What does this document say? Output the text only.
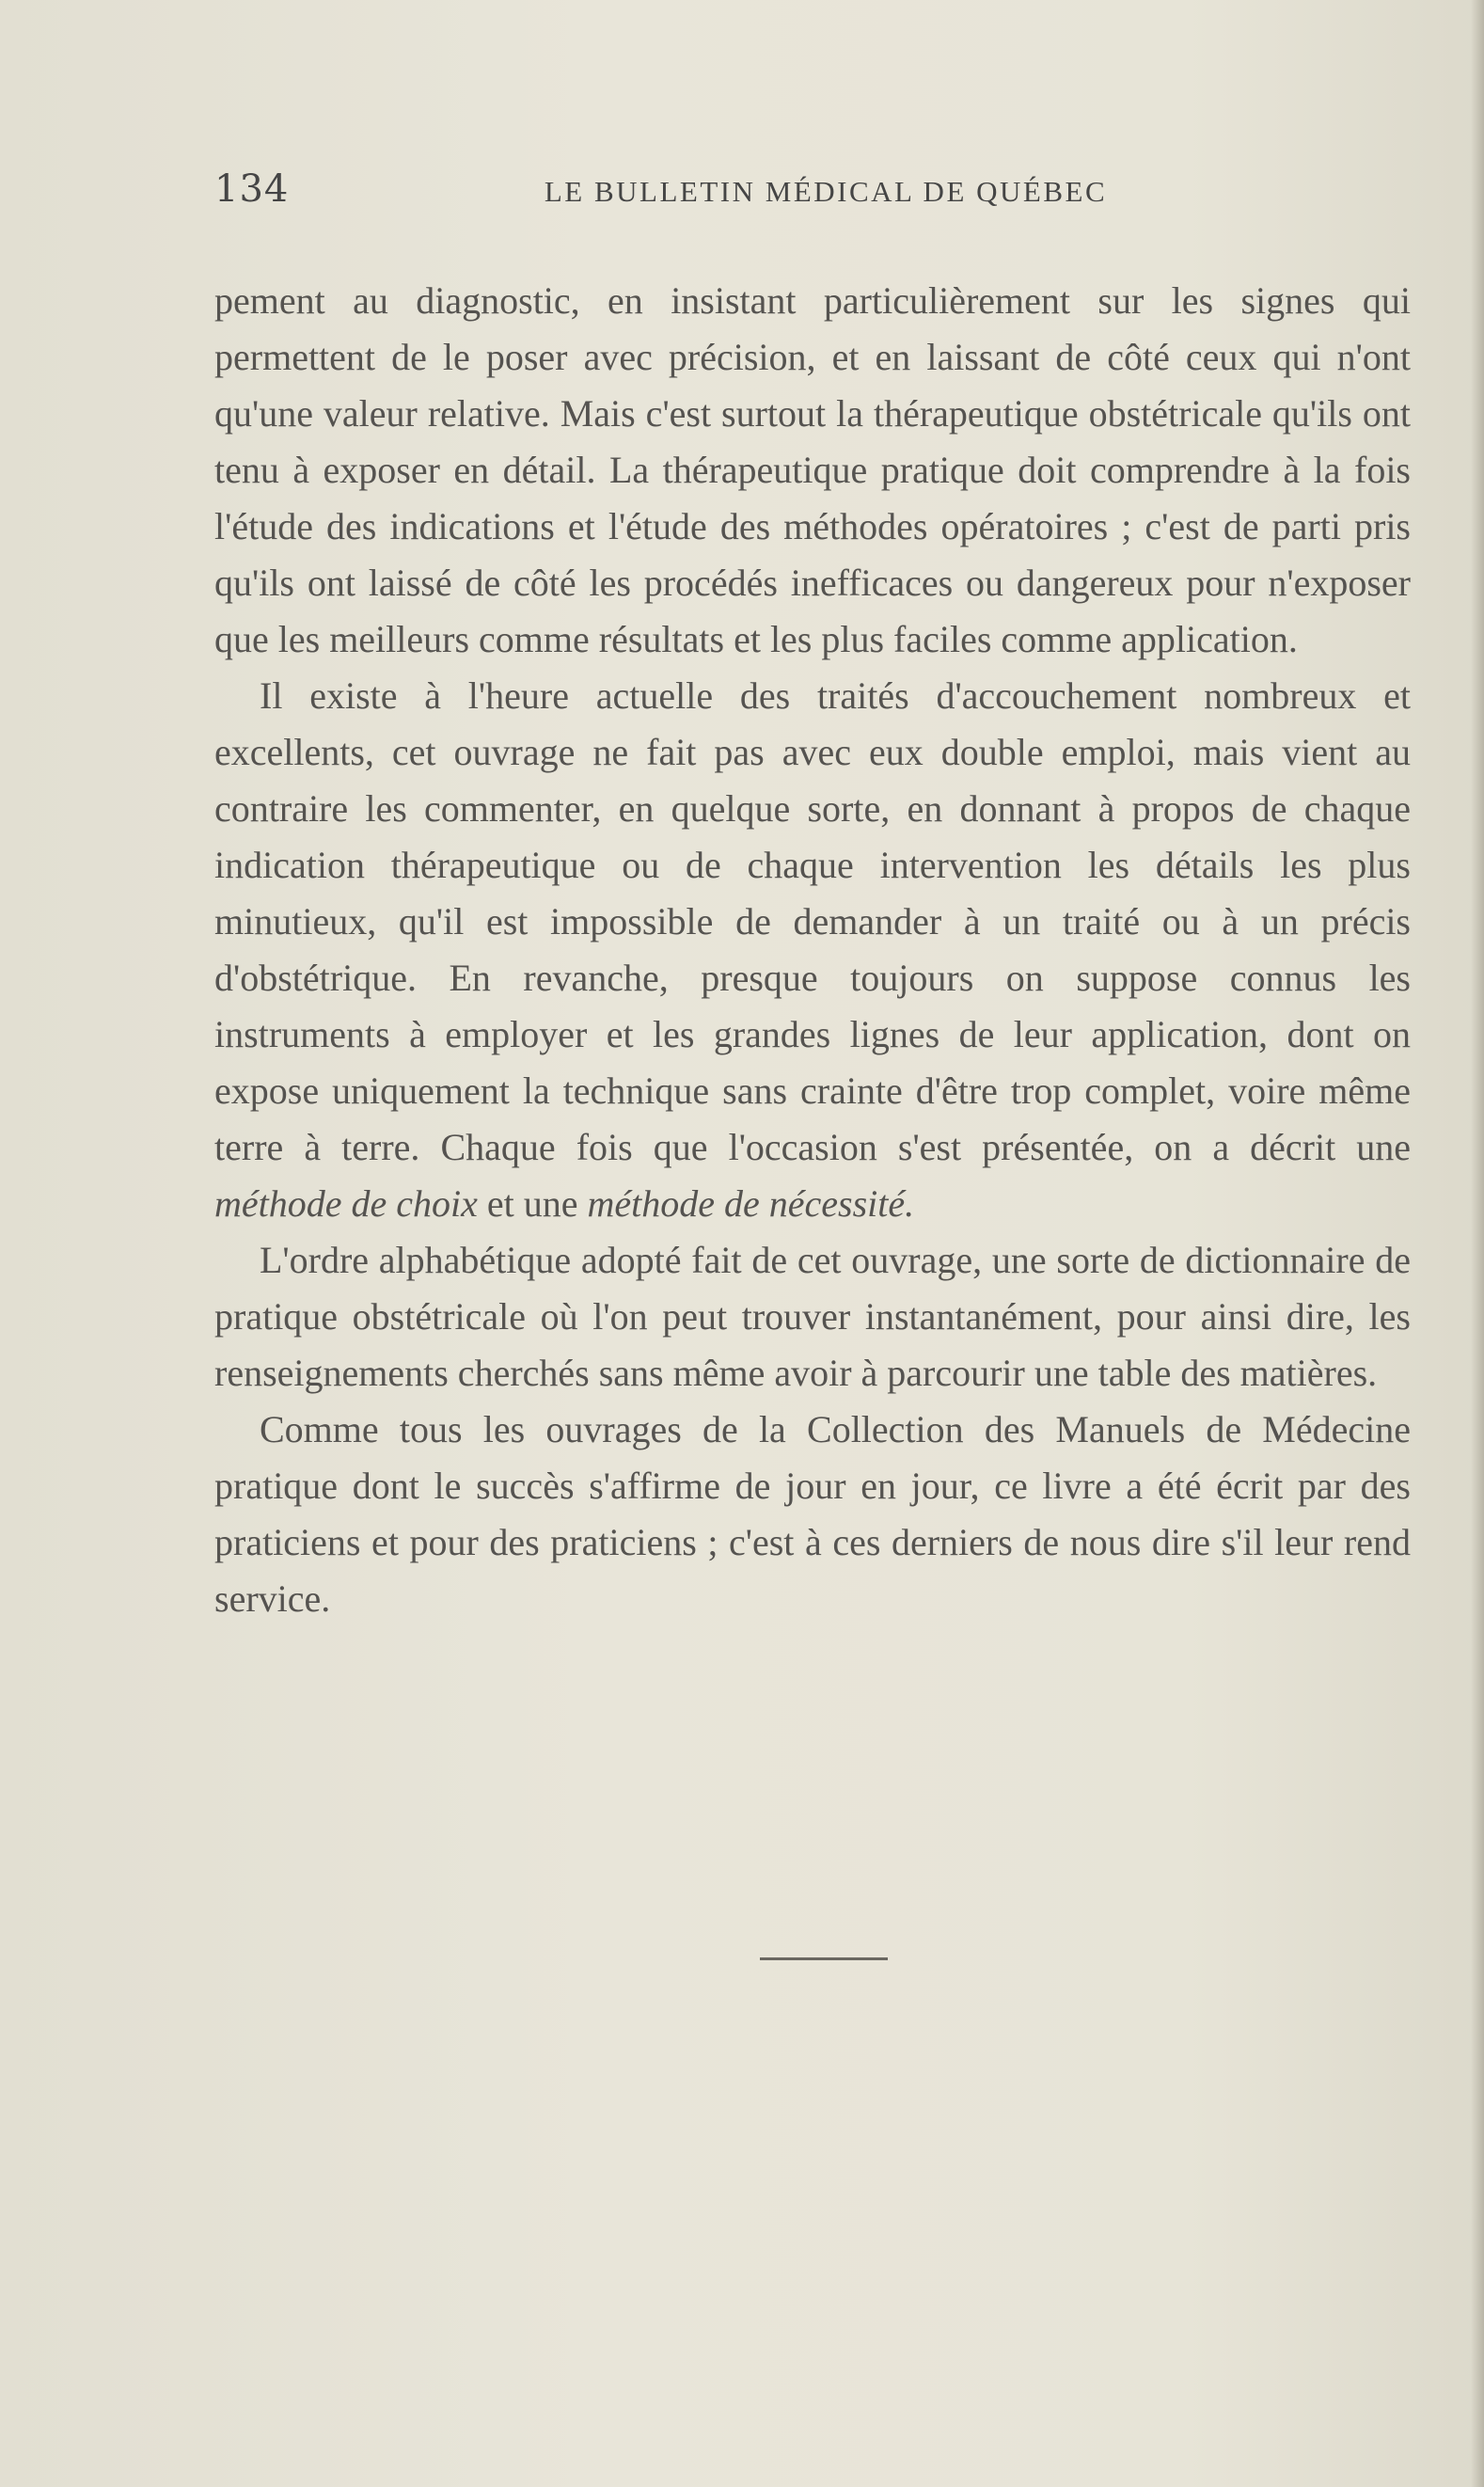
134	LE BULLETIN MÉDICAL DE QUÉBEC

pement au diagnostic, en insistant particulièrement sur les signes qui permettent de le poser avec précision, et en laissant de côté ceux qui n'ont qu'une valeur relative. Mais c'est surtout la thérapeutique obstétricale qu'ils ont tenu à exposer en détail. La thérapeutique pratique doit comprendre à la fois l'étude des indications et l'étude des méthodes opératoires ; c'est de parti pris qu'ils ont laissé de côté les procédés inefficaces ou dangereux pour n'exposer que les meilleurs comme résultats et les plus faciles comme application.

Il existe à l'heure actuelle des traités d'accouchement nombreux et excellents, cet ouvrage ne fait pas avec eux double emploi, mais vient au contraire les commenter, en quelque sorte, en donnant à propos de chaque indication thérapeutique ou de chaque intervention les détails les plus minutieux, qu'il est impossible de demander à un traité ou à un précis d'obstétrique. En revanche, presque toujours on suppose connus les instruments à employer et les grandes lignes de leur application, dont on expose uniquement la technique sans crainte d'être trop complet, voire même terre à terre. Chaque fois que l'occasion s'est présentée, on a décrit une méthode de choix et une méthode de nécessité.

L'ordre alphabétique adopté fait de cet ouvrage, une sorte de dictionnaire de pratique obstétricale où l'on peut trouver instantanément, pour ainsi dire, les renseignements cherchés sans même avoir à parcourir une table des matières.

Comme tous les ouvrages de la Collection des Manuels de Médecine pratique dont le succès s'affirme de jour en jour, ce livre a été écrit par des praticiens et pour des praticiens ; c'est à ces derniers de nous dire s'il leur rend service.
